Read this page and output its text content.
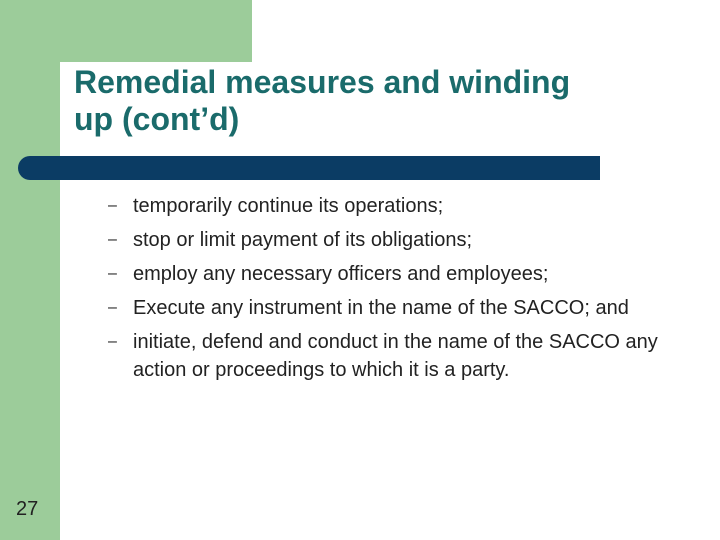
Remedial measures and winding
up (cont’d)
– temporarily continue its operations;
– stop or limit payment of its obligations;
– employ any necessary officers and employees;
– Execute any instrument in the name of the SACCO; and
– initiate, defend and conduct in the name of the SACCO any action or proceedings to which it is a party.
27
